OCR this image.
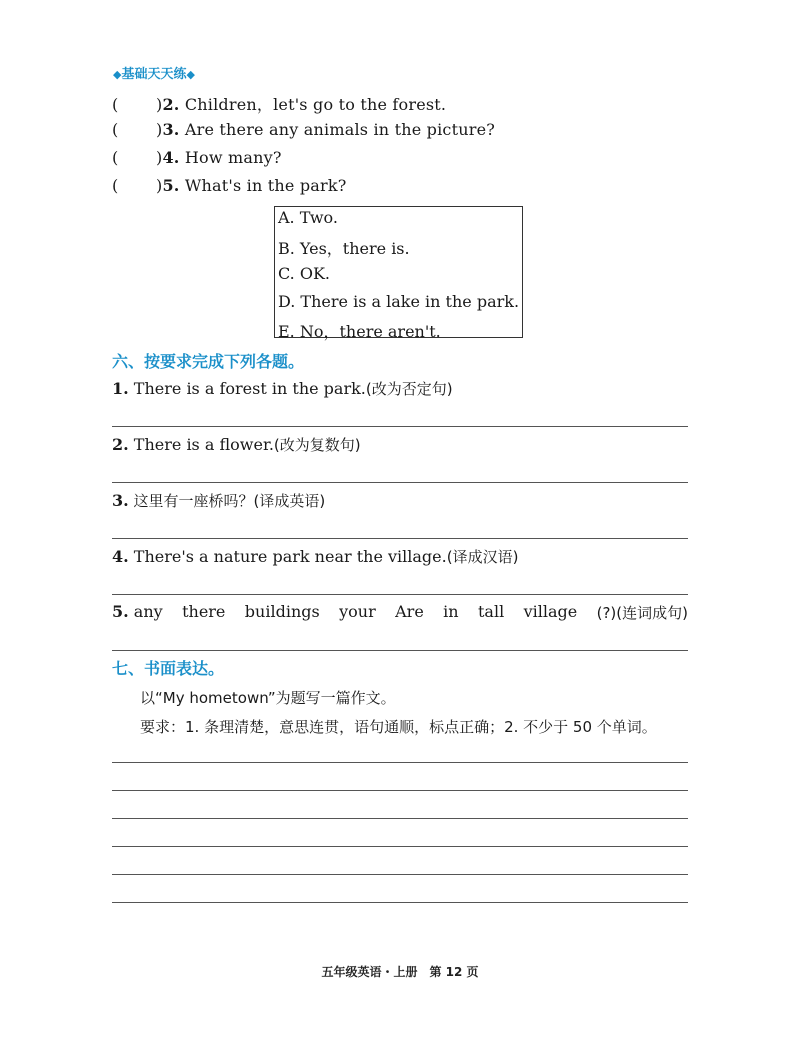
◆基础天天练◆
( )2. Children，let's go to the forest.
( )3. Are there any animals in the picture?
( )4. How many?
( )5. What's in the park?
A. Two.
B. Yes，there is.
C. OK.
D. There is a lake in the park.
E. No，there aren't.
六、按要求完成下列各题。
1. There is a forest in the park.(改为否定句)
2. There is a flower.(改为复数句)
3. 这里有一座桥吗？(译成英语)
4. There's a nature park near the village.(译成汉语)
5. any there buildings your Are in tall village (?)(连词成句)
七、书面表达。
以“My hometown”为题写一篇作文。
要求：1. 条理清楚，意思连贯，语句通顺，标点正确；2. 不少于 50 个单词。
五年级英语・上册　第 12 页
